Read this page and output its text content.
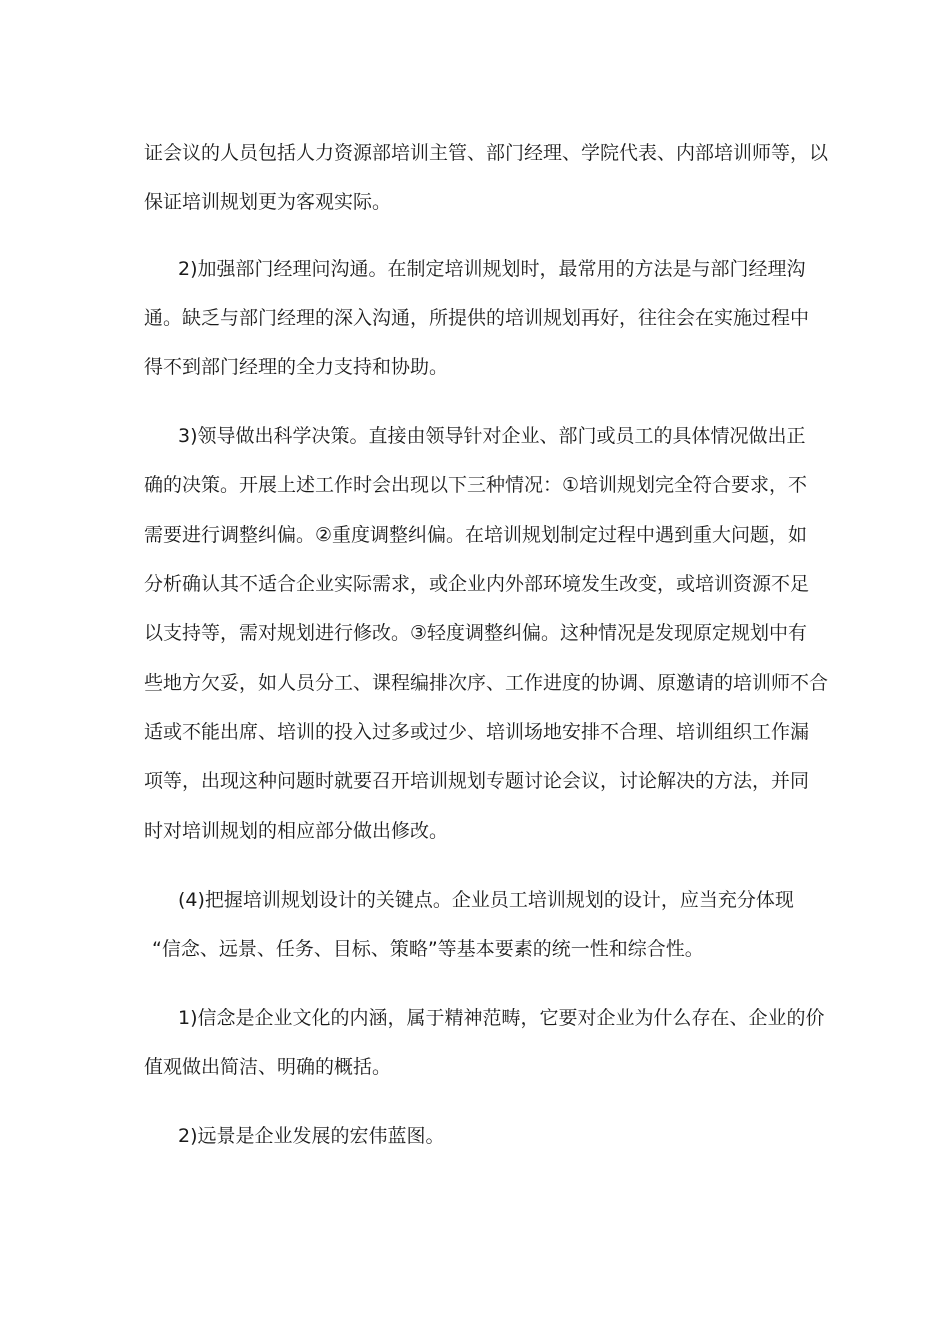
证会议的人员包括人力资源部培训主管、部门经理、学院代表、内部培训师等，以
保证培训规划更为客观实际。
2)加强部门经理问沟通。在制定培训规划时，最常用的方法是与部门经理沟
通。缺乏与部门经理的深入沟通，所提供的培训规划再好，往往会在实施过程中
得不到部门经理的全力支持和协助。
3)领导做出科学决策。直接由领导针对企业、部门或员工的具体情况做出正
确的决策。开展上述工作时会出现以下三种情况：①培训规划完全符合要求，不
需要进行调整纠偏。②重度调整纠偏。在培训规划制定过程中遇到重大问题，如
分析确认其不适合企业实际需求，或企业内外部环境发生改变，或培训资源不足
以支持等，需对规划进行修改。③轻度调整纠偏。这种情况是发现原定规划中有
些地方欠妥，如人员分工、课程编排次序、工作进度的协调、原邀请的培训师不合
适或不能出席、培训的投入过多或过少、培训场地安排不合理、培训组织工作漏
项等，出现这种问题时就要召开培训规划专题讨论会议，讨论解决的方法，并同
时对培训规划的相应部分做出修改。
(4)把握培训规划设计的关键点。企业员工培训规划的设计，应当充分体现
“信念、远景、任务、目标、策略”等基本要素的统一性和综合性。
1)信念是企业文化的内涵，属于精神范畴，它要对企业为什么存在、企业的价
值观做出简洁、明确的概括。
2)远景是企业发展的宏伟蓝图。
